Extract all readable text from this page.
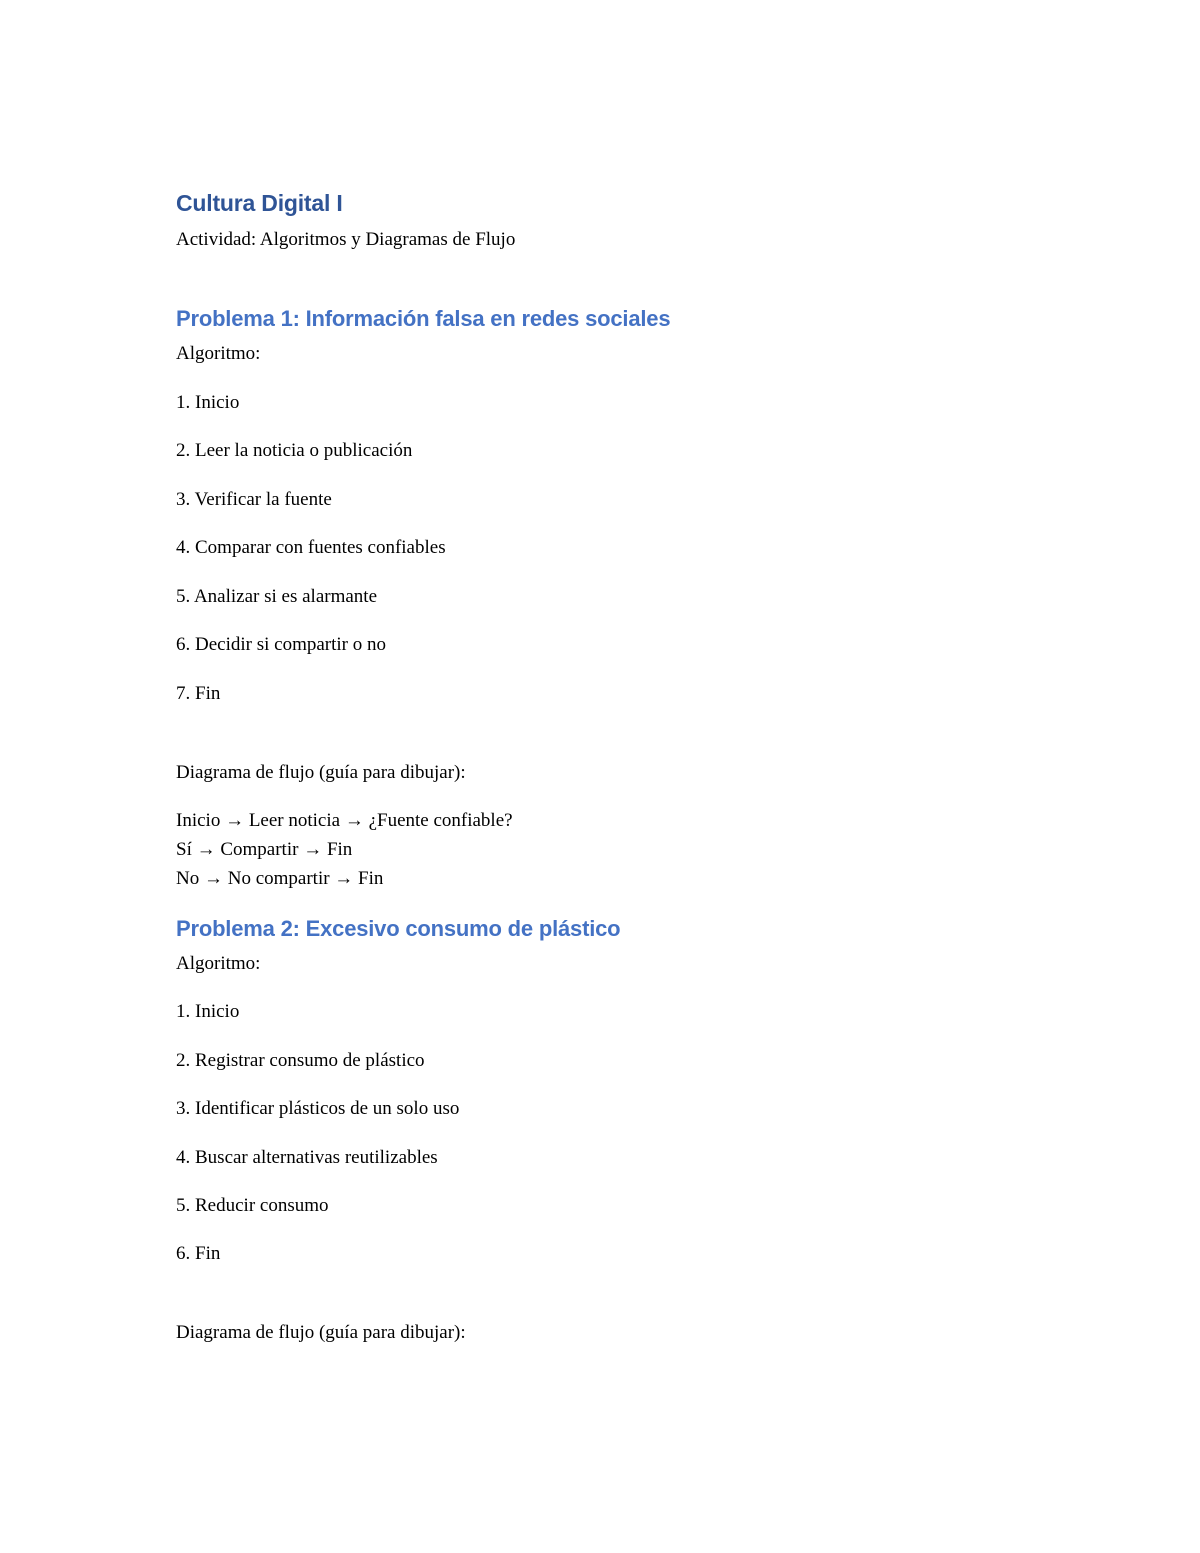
Cultura Digital I

Actividad: Algoritmos y Diagramas de Flujo

Problema 1: Información falsa en redes sociales

Algoritmo:

1. Inicio

2. Leer la noticia o publicación

3. Verificar la fuente

4. Comparar con fuentes confiables

5. Analizar si es alarmante

6. Decidir si compartir o no

7. Fin

Diagrama de flujo (guía para dibujar):

Inicio → Leer noticia → ¿Fuente confiable?

Sí → Compartir → Fin

No → No compartir → Fin

Problema 2: Excesivo consumo de plástico

Algoritmo:

1. Inicio

2. Registrar consumo de plástico

3. Identificar plásticos de un solo uso

4. Buscar alternativas reutilizables

5. Reducir consumo

6. Fin

Diagrama de flujo (guía para dibujar):
